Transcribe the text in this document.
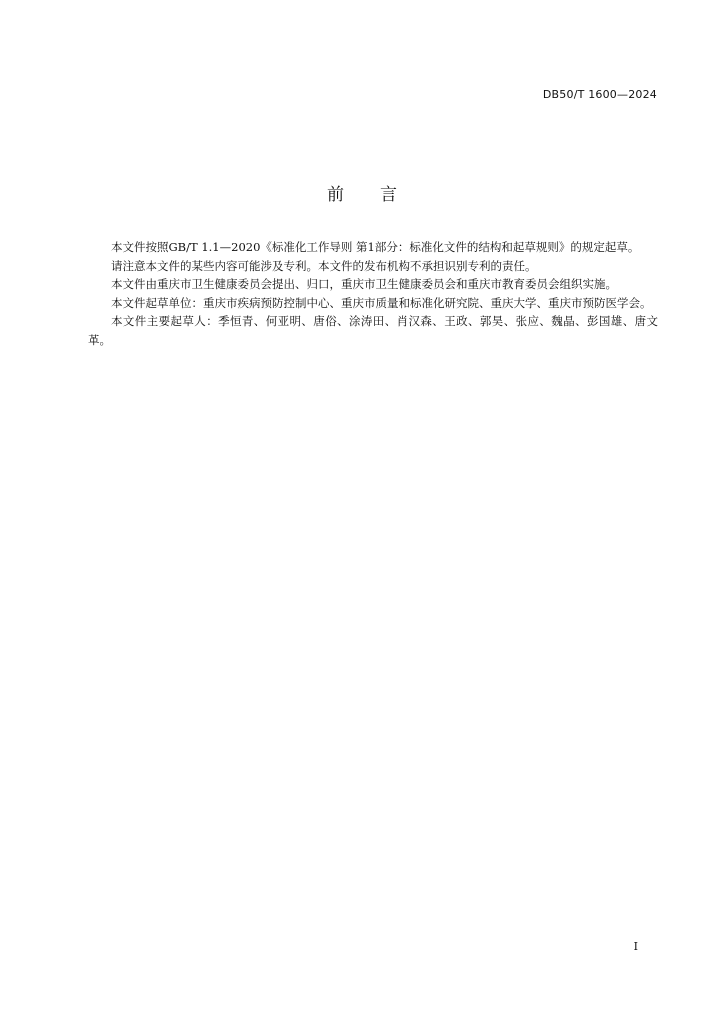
DB50/T 1600—2024
前言

本文件按照GB/T 1.1—2020《标准化工作导则 第1部分：标准化文件的结构和起草规则》的规定起草。

请注意本文件的某些内容可能涉及专利。本文件的发布机构不承担识别专利的责任。

本文件由重庆市卫生健康委员会提出、归口，重庆市卫生健康委员会和重庆市教育委员会组织实施。

本文件起草单位：重庆市疾病预防控制中心、重庆市质量和标准化研究院、重庆大学、重庆市预防医学会。

本文件主要起草人：季恒青、何亚明、唐俗、涂涛田、肖汉森、王政、郭昊、张应、魏晶、彭国雄、唐文革。

I
